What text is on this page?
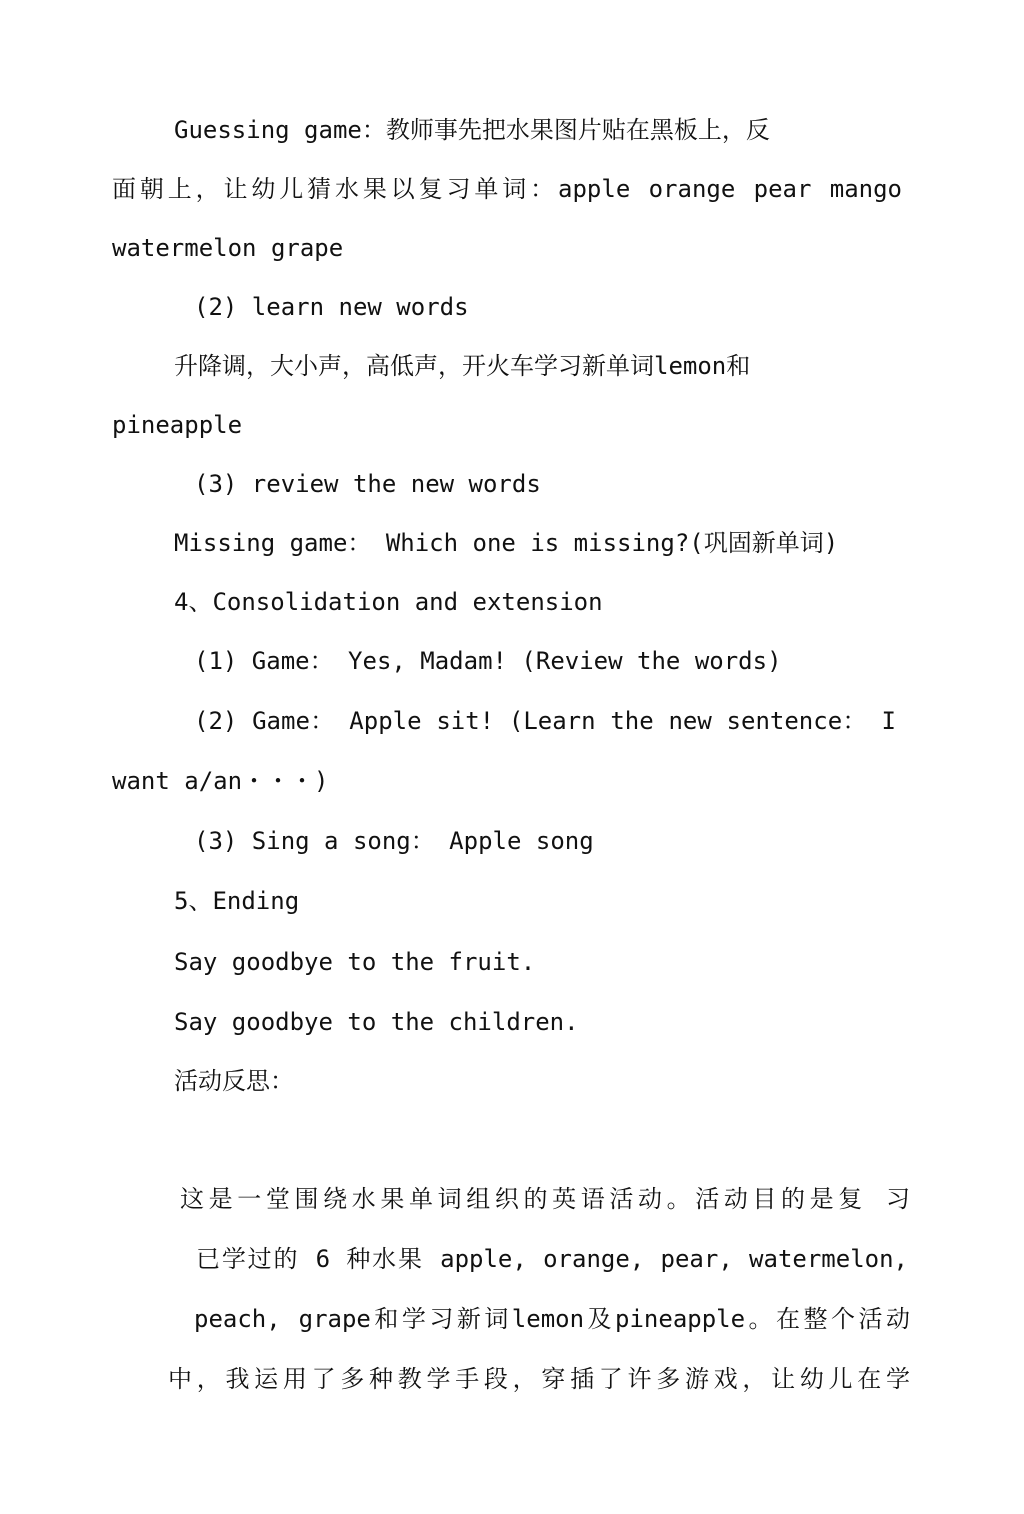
Guessing game：教师事先把水果图片贴在黑板上，反

面朝上，让幼儿猜水果以复习单词：apple orange pear mango

watermelon grape

(2) learn new words

升降调，大小声，高低声，开火车学习新单词lemon和

pineapple

(3) review the new words

Missing game： Which one is missing?(巩固新单词)

4、Consolidation and extension

(1) Game： Yes, Madam! (Review the words)

(2) Game： Apple sit! (Learn the new sentence： I

want a/an・・・)

(3) Sing a song： Apple song

5、Ending

Say goodbye to the fruit.

Say goodbye to the children.

活动反思：

这是一堂围绕水果单词组织的英语活动。活动目的是复 习

已学过的 6 种水果 apple, orange, pear, watermelon,

peach, grape和学习新词lemon及pineapple。在整个活动

中，我运用了多种教学手段，穿插了许多游戏，让幼儿在学
